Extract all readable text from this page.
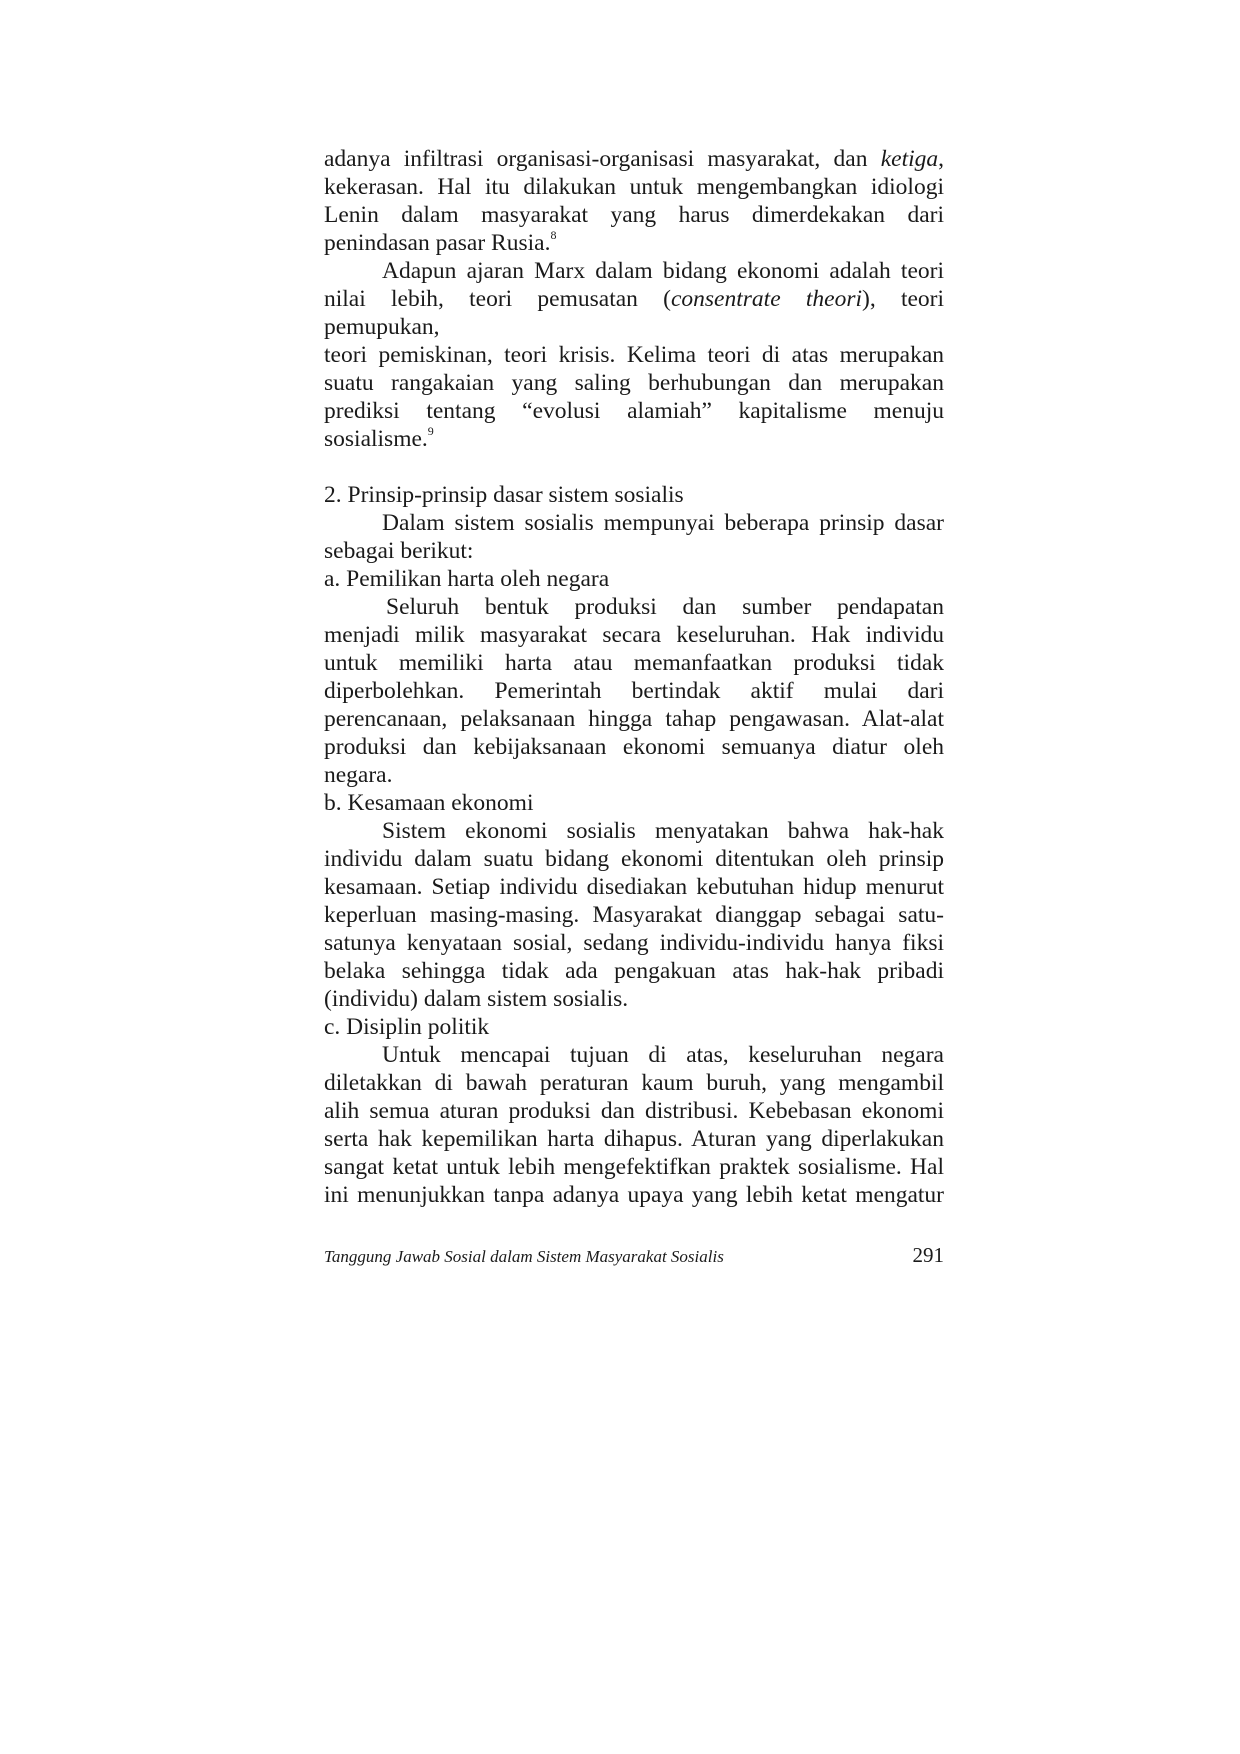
adanya infiltrasi organisasi-organisasi masyarakat, dan ketiga,

kekerasan. Hal itu dilakukan untuk mengembangkan idiologi

Lenin dalam masyarakat yang harus dimerdekakan dari

penindasan pasar Rusia.$^8$

Adapun ajaran Marx dalam bidang ekonomi adalah teori

nilai lebih, teori pemusatan (consentrate theori), teori pemupukan,

teori pemiskinan, teori krisis. Kelima teori di atas merupakan

suatu rangakaian yang saling berhubungan dan merupakan

prediksi tentang “evolusi alamiah” kapitalisme menuju

sosialisme.$^9$

2. Prinsip-prinsip dasar sistem sosialis

Dalam sistem sosialis mempunyai beberapa prinsip dasar

sebagai berikut:

a. Pemilikan harta oleh negara

Seluruh bentuk produksi dan sumber pendapatan

menjadi milik masyarakat secara keseluruhan. Hak individu

untuk memiliki harta atau memanfaatkan produksi tidak

diperbolehkan. Pemerintah bertindak aktif mulai dari

perencanaan, pelaksanaan hingga tahap pengawasan. Alat-alat

produksi dan kebijaksanaan ekonomi semuanya diatur oleh

negara.

b. Kesamaan ekonomi

Sistem ekonomi sosialis menyatakan bahwa hak-hak

individu dalam suatu bidang ekonomi ditentukan oleh prinsip

kesamaan. Setiap individu disediakan kebutuhan hidup menurut

keperluan masing-masing. Masyarakat dianggap sebagai satu-

satunya kenyataan sosial, sedang individu-individu hanya fiksi

belaka sehingga tidak ada pengakuan atas hak-hak pribadi

(individu) dalam sistem sosialis.

c. Disiplin politik

Untuk mencapai tujuan di atas, keseluruhan negara

diletakkan di bawah peraturan kaum buruh, yang mengambil

alih semua aturan produksi dan distribusi. Kebebasan ekonomi

serta hak kepemilikan harta dihapus. Aturan yang diperlakukan

sangat ketat untuk lebih mengefektifkan praktek sosialisme. Hal

ini menunjukkan tanpa adanya upaya yang lebih ketat mengatur

Tanggung Jawab Sosial dalam Sistem Masyarakat Sosialis	291
